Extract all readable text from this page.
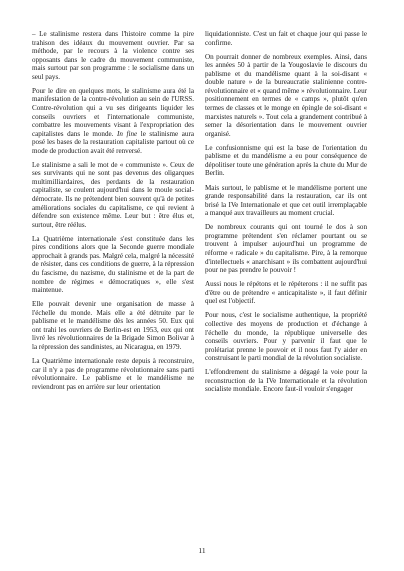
– Le stalinisme restera dans l'histoire comme la pire trahison des idéaux du mouvement ouvrier. Par sa méthode, par le recours à la violence contre ses opposants dans le cadre du mouvement communiste, mais surtout par son programme : le socialisme dans un seul pays.

Pour le dire en quelques mots, le stalinisme aura été la manifestation de la contre-révolution au sein de l'URSS. Contre-révolution qui a vu ses dirigeants liquider les conseils ouvriers et l'internationale communiste, combattre les mouvements visant à l'expropriation des capitalistes dans le monde. In fine le stalinisme aura posé les bases de la restauration capitaliste partout où ce mode de production avait été renversé.

Le stalinisme a sali le mot de « communiste ». Ceux de ses survivants qui ne sont pas devenus des oligarques multimilliardaires, des perdants de la restauration capitaliste, se coulent aujourd'hui dans le moule social-démocrate. Ils ne prétendent bien souvent qu'à de petites améliorations sociales du capitalisme, ce qui revient à défendre son existence même. Leur but : être élus et, surtout, être réélus.

La Quatrième internationale s'est constituée dans les pires conditions alors que la Seconde guerre mondiale approchait à grands pas. Malgré cela, malgré la nécessité de résister, dans ces conditions de guerre, à la répression du fascisme, du nazisme, du stalinisme et de la part de nombre de régimes « démocratiques », elle s'est maintenue.

Elle pouvait devenir une organisation de masse à l'échelle du monde. Mais elle a été détruite par le pablisme et le mandélisme dès les années 50. Eux qui ont trahi les ouvriers de Berlin-est en 1953, eux qui ont livré les révolutionnaires de la Brigade Simon Bolivar à la répression des sandinistes, au Nicaragua, en 1979.

La Quatrième internationale reste depuis à reconstruire, car il n'y a pas de programme révolutionnaire sans parti révolutionnaire. Le pablisme et le mandélisme ne reviendront pas en arrière sur leur orientation

liquidationniste. C'est un fait et chaque jour qui passe le confirme.

On pourrait donner de nombreux exemples. Ainsi, dans les années 50 à partir de la Yougoslavie le discours du pablisme et du mandélisme quant à la soi-disant « double nature » de la bureaucratie stalinienne contre-révolutionnaire et « quand même » révolutionnaire. Leur positionnement en termes de « camps », plutôt qu'en termes de classes et le monge en épingle de soi-disant « marxistes naturels ». Tout cela a grandement contribué à semer la désorientation dans le mouvement ouvrier organisé.

Le confusionnisme qui est la base de l'orientation du pablisme et du mandélisme a eu pour conséquence de dépolitiser toute une génération après la chute du Mur de Berlin.

Mais surtout, le pablisme et le mandélisme portent une grande responsabilité dans la restauration, car ils ont brisé la IVe Internationale et que cet outil irremplaçable a manqué aux travailleurs au moment crucial.

De nombreux courants qui ont tourné le dos à son programme prétendent s'en réclamer pourtant ou se trouvent à impulser aujourd'hui un programme de réforme « radicale » du capitalisme. Pire, à la remorque d'intellectuels « anarchisant » ils combattent aujourd'hui pour ne pas prendre le pouvoir !

Aussi nous le répétons et le répéterons : il ne suffit pas d'être ou de prétendre « anticapitaliste », il faut définir quel est l'objectif.

Pour nous, c'est le socialisme authentique, la propriété collective des moyens de production et d'échange à l'échelle du monde, la république universelle des conseils ouvriers. Pour y parvenir il faut que le prolétariat prenne le pouvoir et il nous faut l'y aider en construisant le parti mondial de la révolution socialiste.

L'effondrement du stalinisme a dégagé la voie pour la reconstruction de la IVe Internationale et la révolution socialiste mondiale. Encore faut-il vouloir s'engager

11
